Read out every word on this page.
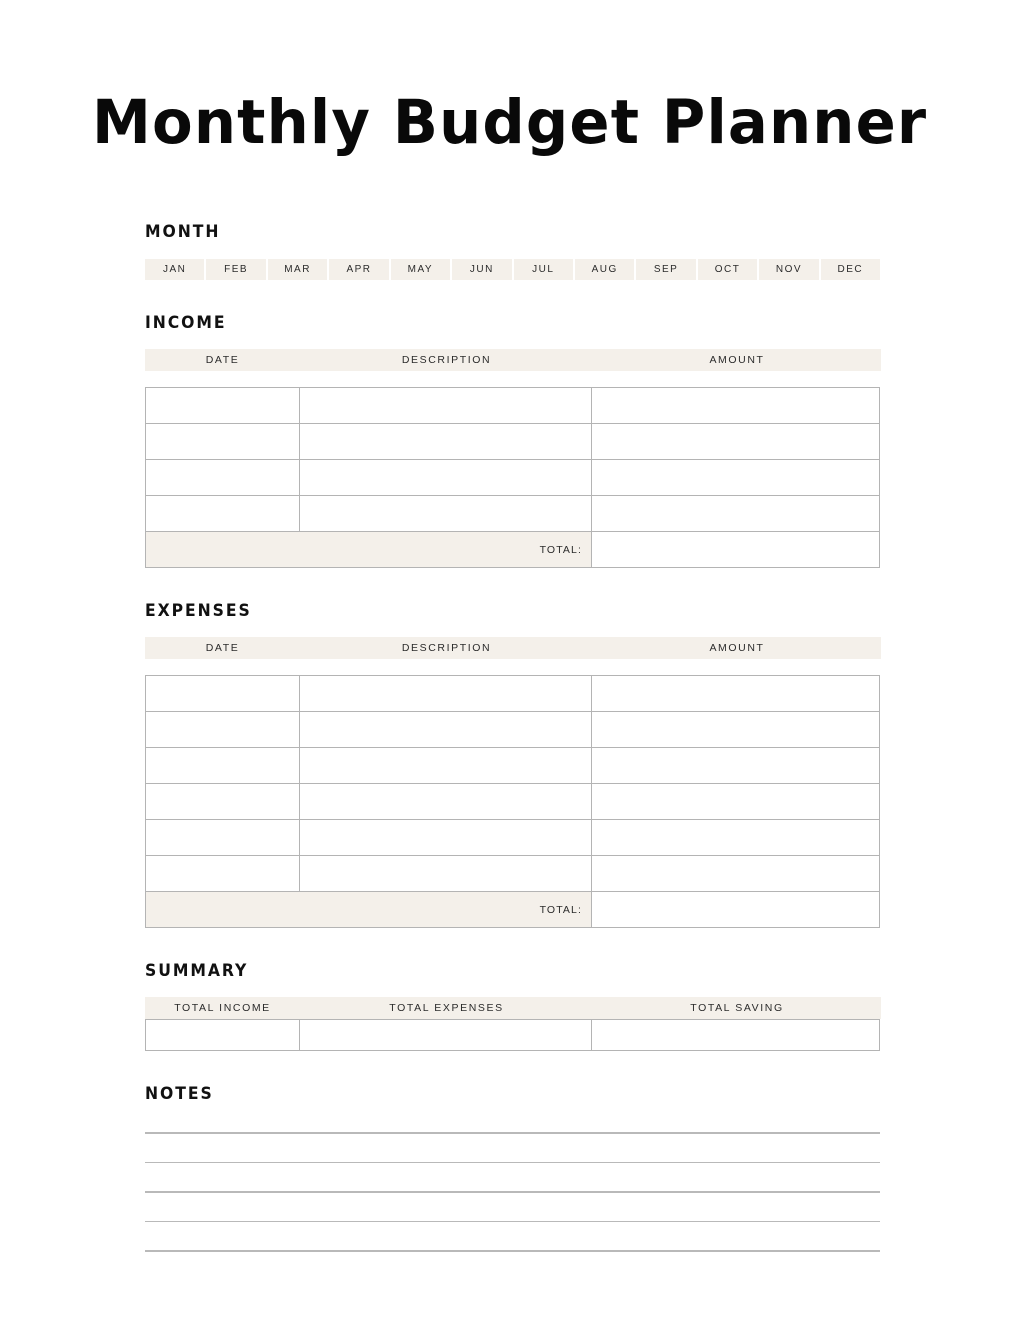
Monthly Budget Planner
MONTH
JAN	FEB	MAR	APR	MAY	JUN	JUL	AUG	SEP	OCT	NOV	DEC
INCOME
DATE	DESCRIPTION	AMOUNT
TOTAL:
EXPENSES
DATE	DESCRIPTION	AMOUNT
TOTAL:
SUMMARY
TOTAL INCOME	TOTAL EXPENSES	TOTAL SAVING
NOTES
